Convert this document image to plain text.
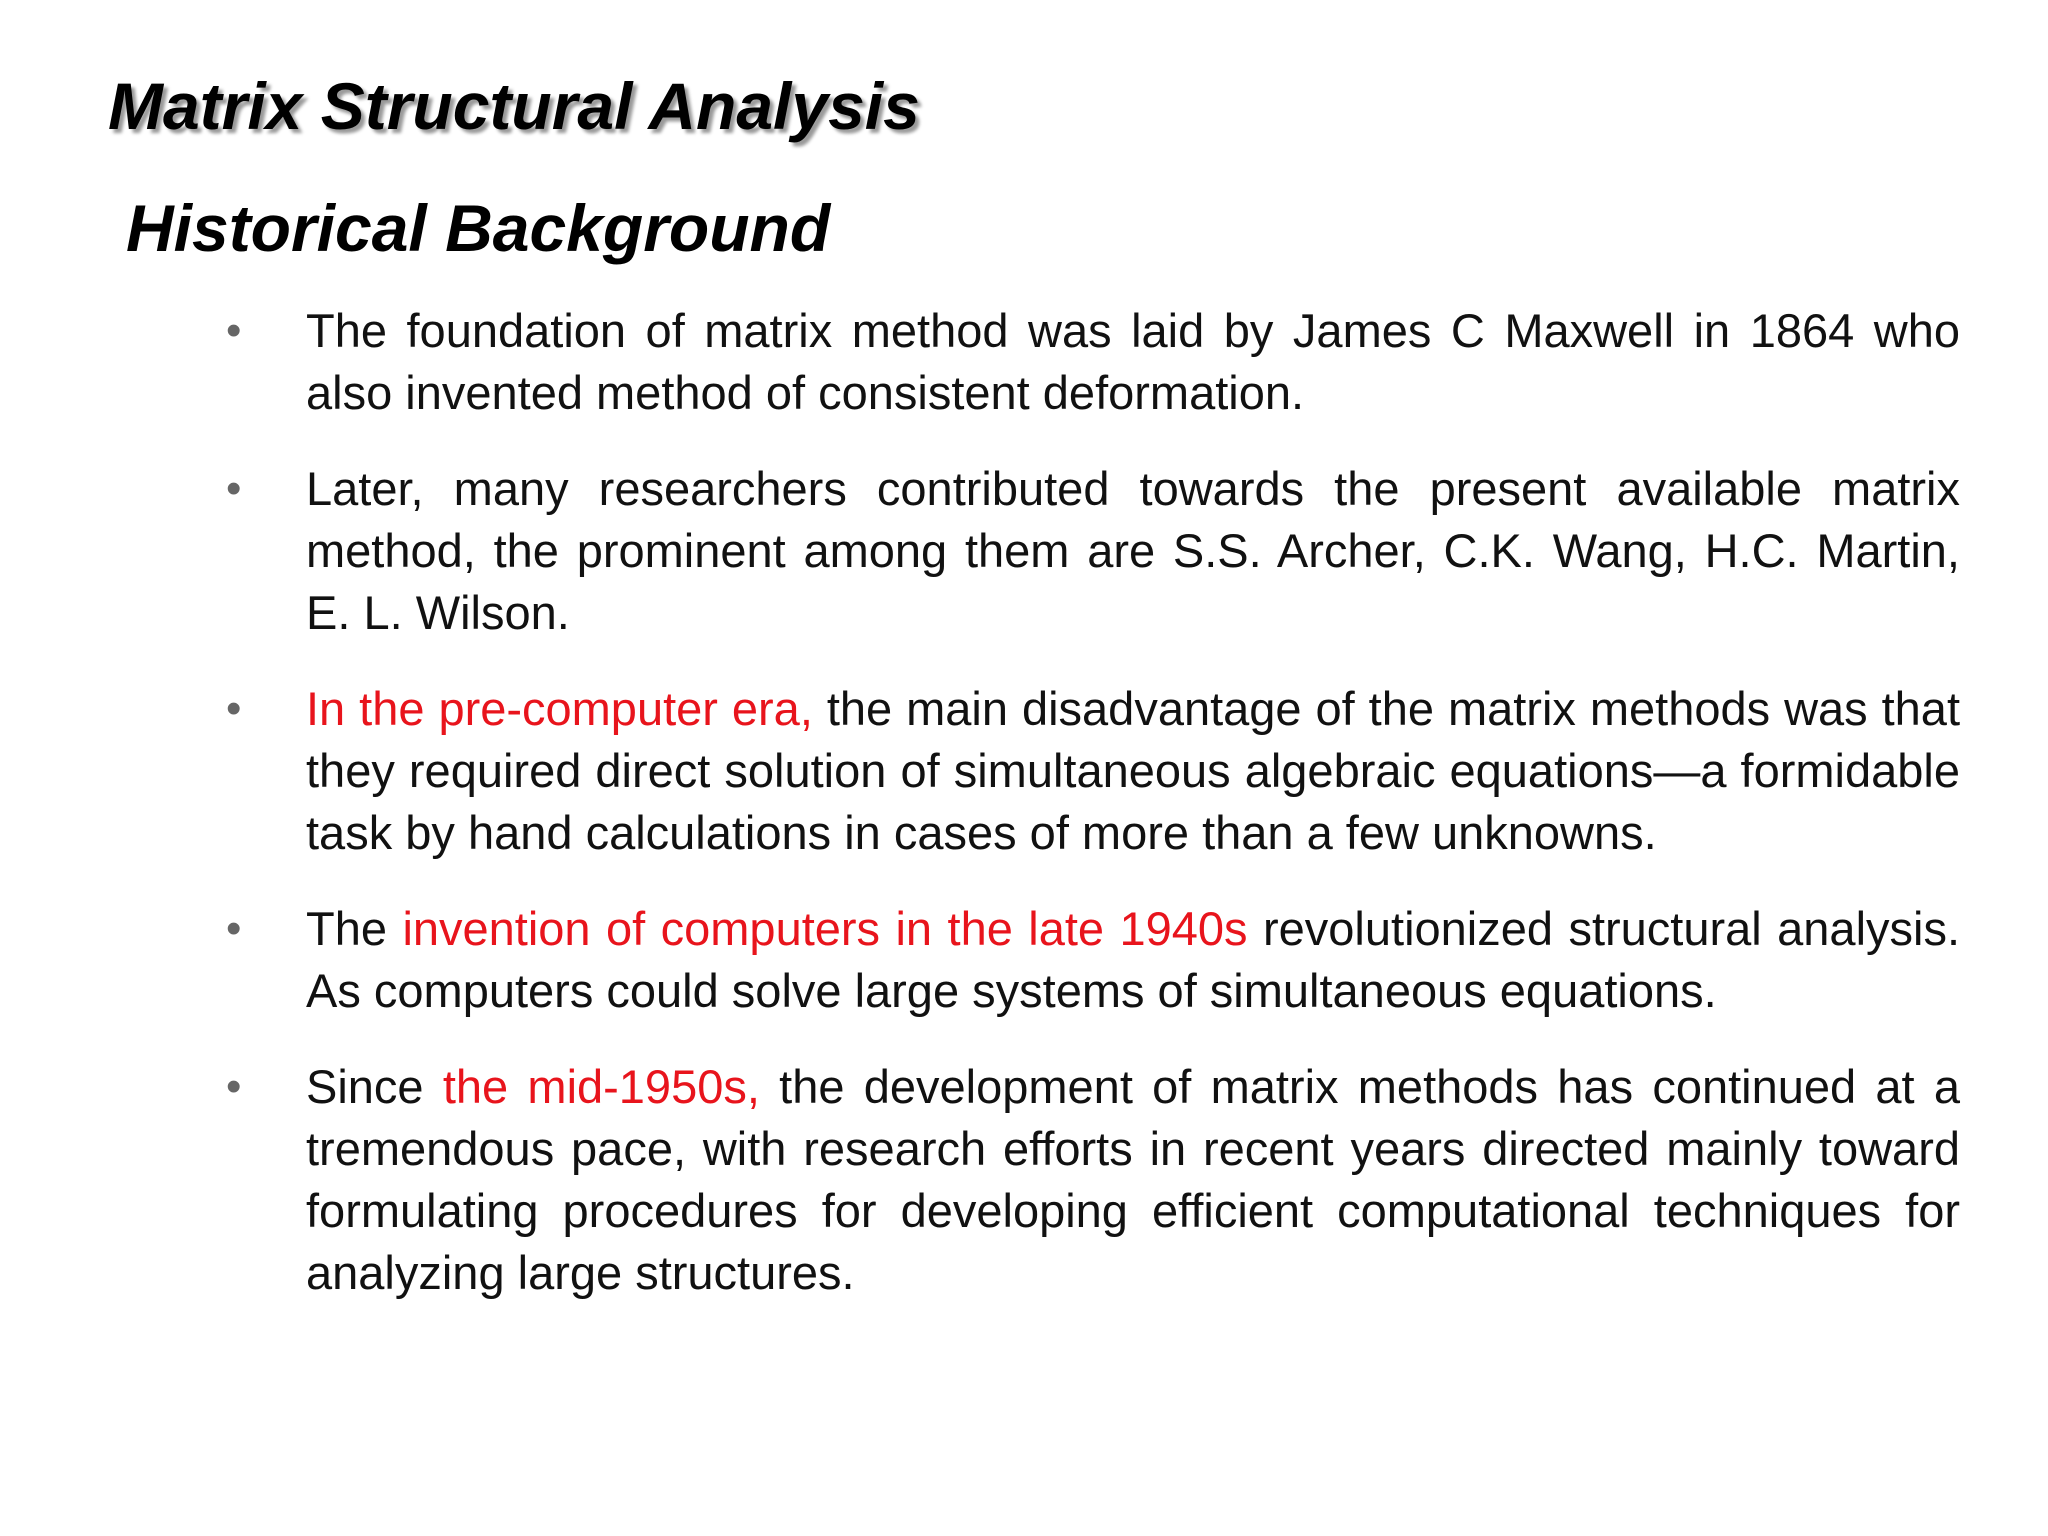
Matrix Structural Analysis
Historical Background
• The foundation of matrix method was laid by James C Maxwell in 1864 who also invented method of consistent deformation.
• Later, many researchers contributed towards the present available matrix method, the prominent among them are S.S. Archer, C.K. Wang, H.C. Martin, E. L. Wilson.
• In the pre-computer era, the main disadvantage of the matrix methods was that they required direct solution of simultaneous algebraic equations—a formidable task by hand calculations in cases of more than a few unknowns.
• The invention of computers in the late 1940s revolutionized structural analysis. As computers could solve large systems of simultaneous equations.
• Since the mid-1950s, the development of matrix methods has continued at a tremendous pace, with research efforts in recent years directed mainly toward formulating procedures for developing efficient computational techniques for analyzing large structures.
